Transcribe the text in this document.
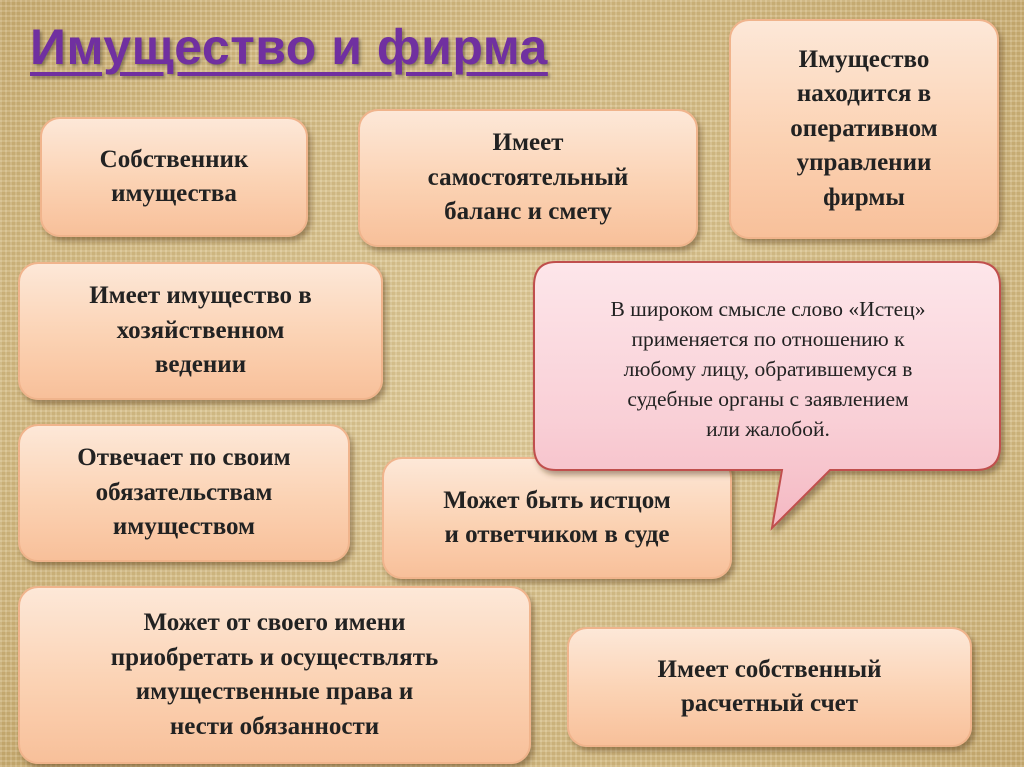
Имущество и фирма
Собственник
имущества
Имеет
самостоятельный
баланс и смету
Имущество
находится в
оперативном
управлении
фирмы
Имеет имущество в
хозяйственном
ведении
Отвечает по своим
обязательствам
имуществом
Может быть истцом
и ответчиком в суде
Может от своего имени
приобретать и осуществлять
имущественные права и
нести обязанности
Имеет собственный
расчетный счет
В широком смысле слово «Истец»
применяется по отношению к
любому лицу, обратившемуся в
судебные органы с заявлением
или жалобой.
